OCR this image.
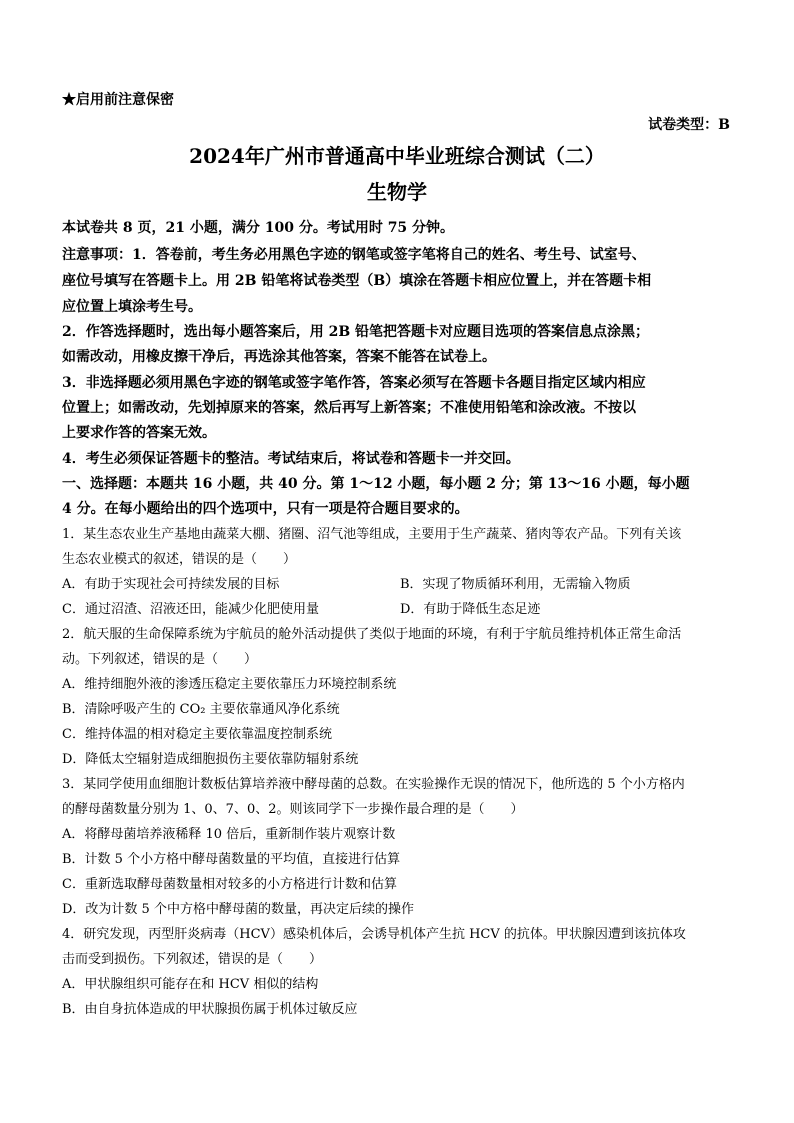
★启用前注意保密
试卷类型：B
2024年广州市普通高中毕业班综合测试（二）
生物学
本试卷共 8 页，21 小题，满分 100 分。考试用时 75 分钟。
注意事项：1．答卷前，考生务必用黑色字迹的钢笔或签字笔将自己的姓名、考生号、试室号、
座位号填写在答题卡上。用 2B 铅笔将试卷类型（B）填涂在答题卡相应位置上，并在答题卡相
应位置上填涂考生号。
2．作答选择题时，选出每小题答案后，用 2B 铅笔把答题卡对应题目选项的答案信息点涂黑；
如需改动，用橡皮擦干净后，再选涂其他答案，答案不能答在试卷上。
3．非选择题必须用黑色字迹的钢笔或签字笔作答，答案必须写在答题卡各题目指定区域内相应
位置上；如需改动，先划掉原来的答案，然后再写上新答案；不准使用铅笔和涂改液。不按以
上要求作答的答案无效。
4．考生必须保证答题卡的整洁。考试结束后，将试卷和答题卡一并交回。
一、选择题：本题共 16 小题，共 40 分。第 1～12 小题，每小题 2 分；第 13～16 小题，每小题
4 分。在每小题给出的四个选项中，只有一项是符合题目要求的。
1．某生态农业生产基地由蔬菜大棚、猪圈、沼气池等组成，主要用于生产蔬菜、猪肉等农产品。下列有关该
生态农业模式的叙述，错误的是（　　）
A．有助于实现社会可持续发展的目标	B．实现了物质循环利用，无需输入物质
C．通过沼渣、沼液还田，能减少化肥使用量	D．有助于降低生态足迹
2．航天服的生命保障系统为宇航员的舱外活动提供了类似于地面的环境，有利于宇航员维持机体正常生命活
动。下列叙述，错误的是（　　）
A．维持细胞外液的渗透压稳定主要依靠压力环境控制系统
B．清除呼吸产生的 CO₂ 主要依靠通风净化系统
C．维持体温的相对稳定主要依靠温度控制系统
D．降低太空辐射造成细胞损伤主要依靠防辐射系统
3．某同学使用血细胞计数板估算培养液中酵母菌的总数。在实验操作无误的情况下，他所选的 5 个小方格内
的酵母菌数量分别为 1、0、7、0、2。则该同学下一步操作最合理的是（　　）
A．将酵母菌培养液稀释 10 倍后，重新制作装片观察计数
B．计数 5 个小方格中酵母菌数量的平均值，直接进行估算
C．重新选取酵母菌数量相对较多的小方格进行计数和估算
D．改为计数 5 个中方格中酵母菌的数量，再决定后续的操作
4．研究发现，丙型肝炎病毒（HCV）感染机体后，会诱导机体产生抗 HCV 的抗体。甲状腺因遭到该抗体攻
击而受到损伤。下列叙述，错误的是（　　）
A．甲状腺组织可能存在和 HCV 相似的结构
B．由自身抗体造成的甲状腺损伤属于机体过敏反应
